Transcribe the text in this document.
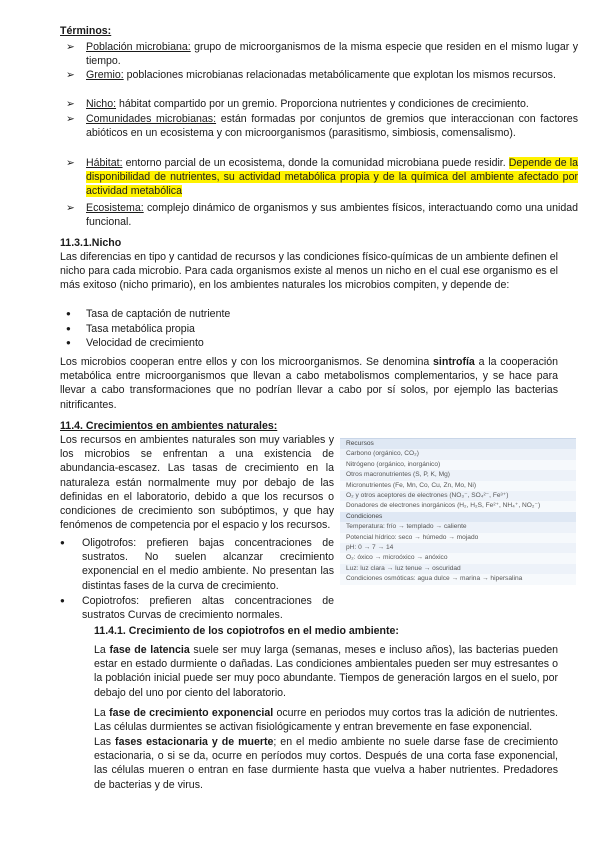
Términos:
➢ Población microbiana: grupo de microorganismos de la misma especie que residen en el mismo lugar y tiempo.
➢ Gremio: poblaciones microbianas relacionadas metabólicamente que explotan los mismos recursos.
➢ Nicho: hábitat compartido por un gremio. Proporciona nutrientes y condiciones de crecimiento.
➢ Comunidades microbianas: están formadas por conjuntos de gremios que interaccionan con factores abióticos en un ecosistema y con microorganismos (parasitismo, simbiosis, comensalismo).
➢ Hábitat: entorno parcial de un ecosistema, donde la comunidad microbiana puede residir. Depende de la disponibilidad de nutrientes, su actividad metabólica propia y de la química del ambiente afectado por actividad metabólica
➢ Ecosistema: complejo dinámico de organismos y sus ambientes físicos, interactuando como una unidad funcional.
11.3.1.Nicho
Las diferencias en tipo y cantidad de recursos y las condiciones físico-químicas de un ambiente definen el nicho para cada microbio. Para cada organismos existe al menos un nicho en el cual ese organismo es el más exitoso (nicho primario), en los ambientes naturales los microbios compiten, y depende de:
● Tasa de captación de nutriente
● Tasa metabólica propia
● Velocidad de crecimiento
Los microbios cooperan entre ellos y con los microorganismos. Se denomina sintrofía a la cooperación metabólica entre microorganismos que llevan a cabo metabolismos complementarios, y se hace para llevar a cabo transformaciones que no podrían llevar a cabo por sí solos, por ejemplo las bacterias nitrificantes.
11.4. Crecimientos en ambientes naturales:
Los recursos en ambientes naturales son muy variables y los microbios se enfrentan a una existencia de abundancia-escasez. Las tasas de crecimiento en la naturaleza están normalmente muy por debajo de las definidas en el laboratorio, debido a que los recursos o condiciones de crecimiento son subóptimos, y que hay fenómenos de competencia por el espacio y los recursos.
● Oligotrofos: prefieren bajas concentraciones de sustratos. No suelen alcanzar crecimiento exponencial en el medio ambiente. No presentan las distintas fases de la curva de crecimiento.
● Copiotrofos: prefieren altas concentraciones de sustratos Curvas de crecimiento normales.
Recursos
Carbono (orgánico, CO₂)
Nitrógeno (orgánico, inorgánico)
Otros macronutrientes (S, P, K, Mg)
Micronutrientes (Fe, Mn, Co, Cu, Zn, Mo, Ni)
O₂ y otros aceptores de electrones (NO₃⁻, SO₄²⁻, Fe³⁺)
Donadores de electrones inorgánicos (H₂, H₂S, Fe²⁺, NH₄⁺, NO₂⁻)
Condiciones
Temperatura: frío → templado → caliente
Potencial hídrico: seco → húmedo → mojado
pH: 0 → 7 → 14
O₂: óxico → microóxico → anóxico
Luz: luz clara → luz tenue → oscuridad
Condiciones osmóticas: agua dulce → marina → hipersalina
11.4.1. Crecimiento de los copiotrofos en el medio ambiente:
La fase de latencia suele ser muy larga (semanas, meses e incluso años), las bacterias pueden estar en estado durmiente o dañadas. Las condiciones ambientales pueden ser muy estresantes o la población inicial puede ser muy poco abundante. Tiempos de generación largos en el suelo, por debajo del uno por ciento del laboratorio.
La fase de crecimiento exponencial ocurre en periodos muy cortos tras la adición de nutrientes. Las células durmientes se activan fisiológicamente y entran brevemente en fase exponencial.
Las fases estacionaria y de muerte; en el medio ambiente no suele darse fase de crecimiento estacionaria, o si se da, ocurre en períodos muy cortos. Después de una corta fase exponencial, las células mueren o entran en fase durmiente hasta que vuelva a haber nutrientes. Predadores de bacterias y de virus.
